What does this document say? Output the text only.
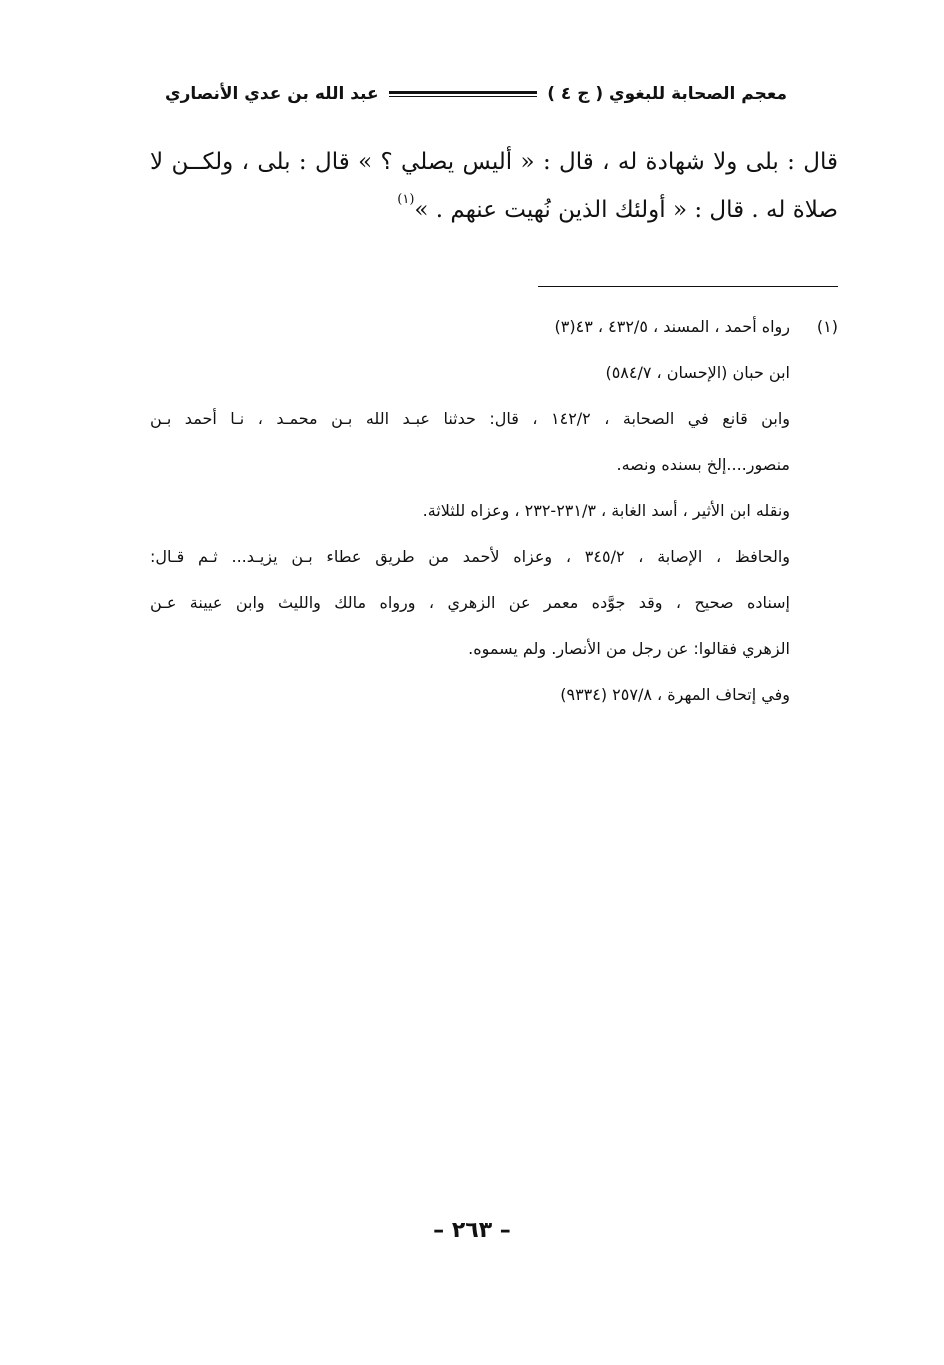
معجم الصحابة للبغوي ( ج ٤ )
عبد الله بن عدي الأنصاري
قال : بلى ولا شهادة له ، قال : « أليس يصلي ؟ » قال : بلى ، ولكــن لا
صلاة له . قال : « أولئك الذين نُهيت عنهم . »$^{(١)}$
(١)
رواه أحمد ، المسند ، ٤٣٢/٥ ، ٤٣(٣)
ابن حبان (الإحسان ، ٥٨٤/٧)
وابن قانع في الصحابة ، ١٤٢/٢ ، قال: حدثنا عبـد الله بـن محمـد ، نـا أحمد بـن
منصور....إلخ بسنده ونصه.
ونقله ابن الأثير ، أسد الغابة ، ٢٣١/٣-٢٣٢ ، وعزاه للثلاثة.
والحافظ ، الإصابة ، ٣٤٥/٢ ، وعزاه لأحمد من طريق عطاء بـن يزيـد... ثـم قـال:
إسناده صحيح ، وقد جوَّده معمر عن الزهري ، ورواه مالك والليث وابن عيينة عـن
الزهري فقالوا: عن رجل من الأنصار. ولم يسموه.
وفي إتحاف المهرة ، ٢٥٧/٨ (٩٣٣٤)
– ٢٦٣ –
